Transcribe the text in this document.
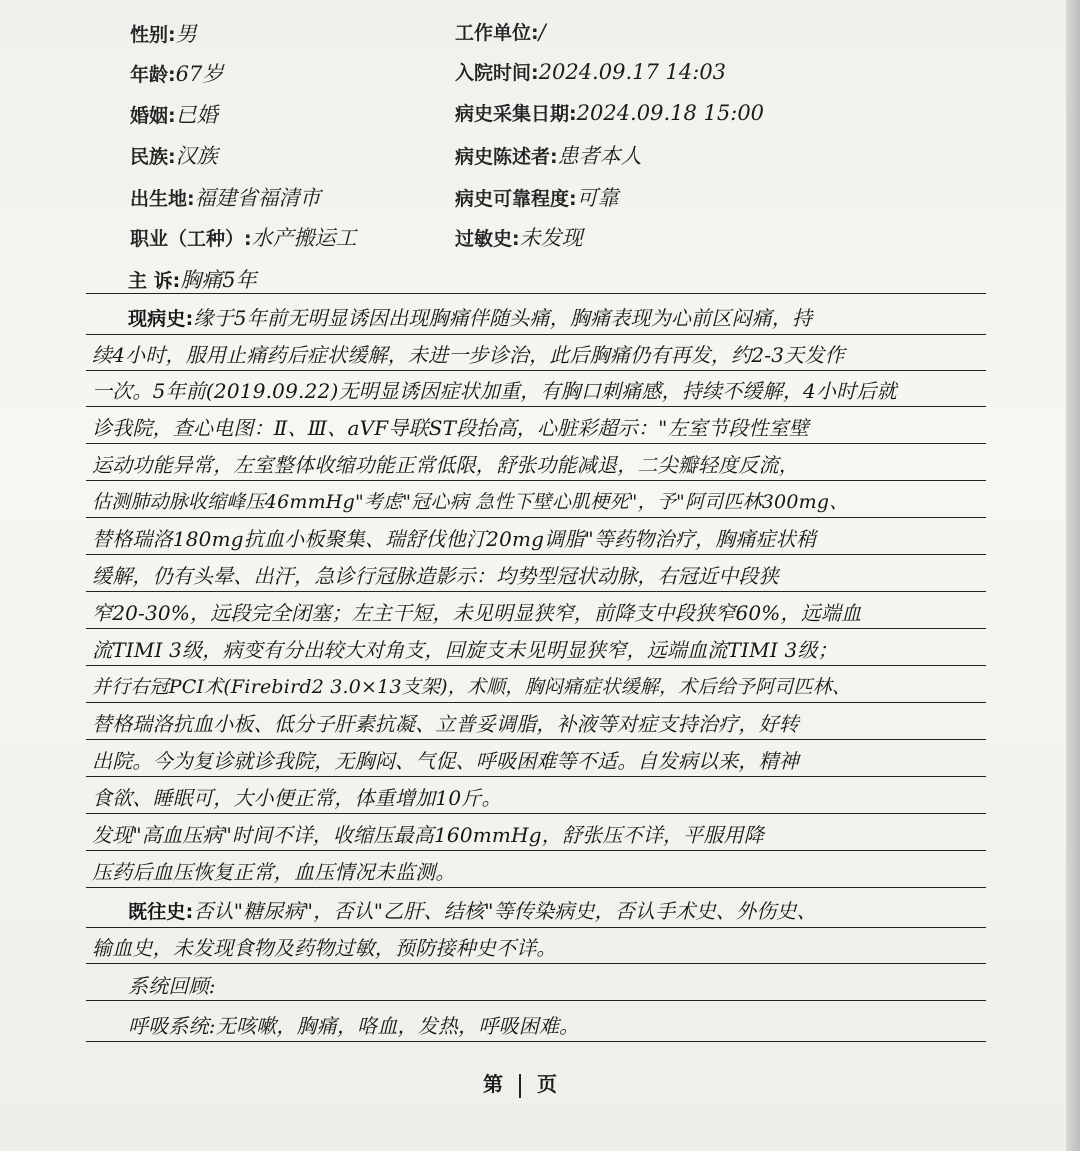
性别:男
年龄:67岁
婚姻:已婚
民族:汉族
出生地:福建省福清市
职业（工种）:水产搬运工
工作单位:/
入院时间:2024.09.17 14:03
病史采集日期:2024.09.18 15:00
病史陈述者:患者本人
病史可靠程度:可靠
过敏史:未发现
主 诉:胸痛5年
现病史:缘于5年前无明显诱因出现胸痛伴随头痛，胸痛表现为心前区闷痛，持
续4小时，服用止痛药后症状缓解，未进一步诊治，此后胸痛仍有再发，约2-3天发作
一次。5年前(2019.09.22)无明显诱因症状加重，有胸口刺痛感，持续不缓解，4小时后就
诊我院，查心电图：Ⅱ、Ⅲ、aVF导联ST段抬高，心脏彩超示："左室节段性室壁
运动功能异常，左室整体收缩功能正常低限，舒张功能减退，二尖瓣轻度反流，
估测肺动脉收缩峰压46mmHg"考虑"冠心病 急性下壁心肌梗死"，予"阿司匹林300mg、
替格瑞洛180mg抗血小板聚集、瑞舒伐他汀20mg调脂"等药物治疗，胸痛症状稍
缓解，仍有头晕、出汗，急诊行冠脉造影示：均势型冠状动脉，右冠近中段狭
窄20-30%，远段完全闭塞；左主干短，未见明显狭窄，前降支中段狭窄60%，远端血
流TIMI 3级，病变有分出较大对角支，回旋支未见明显狭窄，远端血流TIMI 3级；
并行右冠PCI术(Firebird2 3.0×13支架)，术顺，胸闷痛症状缓解，术后给予阿司匹林、
替格瑞洛抗血小板、低分子肝素抗凝、立普妥调脂，补液等对症支持治疗，好转
出院。今为复诊就诊我院，无胸闷、气促、呼吸困难等不适。自发病以来，精神
食欲、睡眠可，大小便正常，体重增加10斤。
发现"高血压病"时间不详，收缩压最高160mmHg，舒张压不详，平服用降
压药后血压恢复正常，血压情况未监测。
既往史:否认"糖尿病"，否认"乙肝、结核"等传染病史，否认手术史、外伤史、
输血史，未发现食物及药物过敏，预防接种史不详。
系统回顾:
呼吸系统:无咳嗽，胸痛，咯血，发热，呼吸困难。
第 页
